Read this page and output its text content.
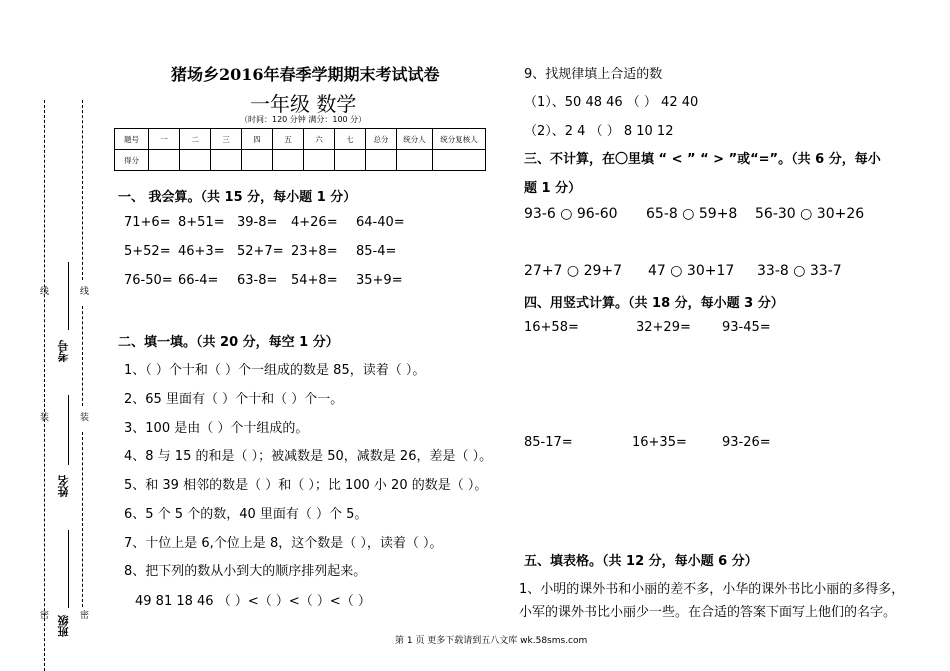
线
装
密
线
装
密
考号
姓名
班级
猪场乡2016年春季学期期末考试试卷
一年级 数学
（时间：120 分钟 满分：100 分）
题号	一	二	三	四	五	六	七	总分	统分人	统分复核人
得分										
一、 我会算。（共 15 分，每小题 1 分）
71+6= 8+51= 39-8= 4+26= 64-40=
5+52= 46+3= 52+7= 23+8= 85-4=
76-50= 66-4= 63-8= 54+8= 35+9=
二、填一填。（共 20 分，每空 1 分）
1、（ ）个十和（ ）个一组成的数是 85，读着（ ）。
2、65 里面有（ ）个十和（ ）个一。
3、100 是由（ ）个十组成的。
4、8 与 15 的和是（ ）；被减数是 50，减数是 26，差是（ ）。
5、和 39 相邻的数是（ ）和（ ）；比 100 小 20 的数是（ ）。
6、5 个 5 个的数，40 里面有（ ）个 5。
7、十位上是 6,个位上是 8，这个数是（ ），读着（ ）。
8、把下列的数从小到大的顺序排列起来。
49 81 18 46 （ ）<（ ）<（ ）<（ ）
9、找规律填上合适的数
（1）、50 48 46 （ ） 42 40
（2）、2 4 （ ） 8 10 12
三、不计算，在〇里填 “ < ” “ > ”或“=”。（共 6 分，每小
题 1 分）
93-6 ○ 96-60 65-8 ○ 59+8 56-30 ○ 30+26
27+7 ○ 29+7 47 ○ 30+17 33-8 ○ 33-7
四、用竖式计算。（共 18 分，每小题 3 分）
16+58=	32+29= 93-45=
85-17=	16+35=	93-26=
五、填表格。（共 12 分，每小题 6 分）
1、小明的课外书和小丽的差不多，小华的课外书比小丽的多得多，
小军的课外书比小丽少一些。在合适的答案下面写上他们的名字。
第 1 页 更多下载请到五八文库 wk.58sms.com
